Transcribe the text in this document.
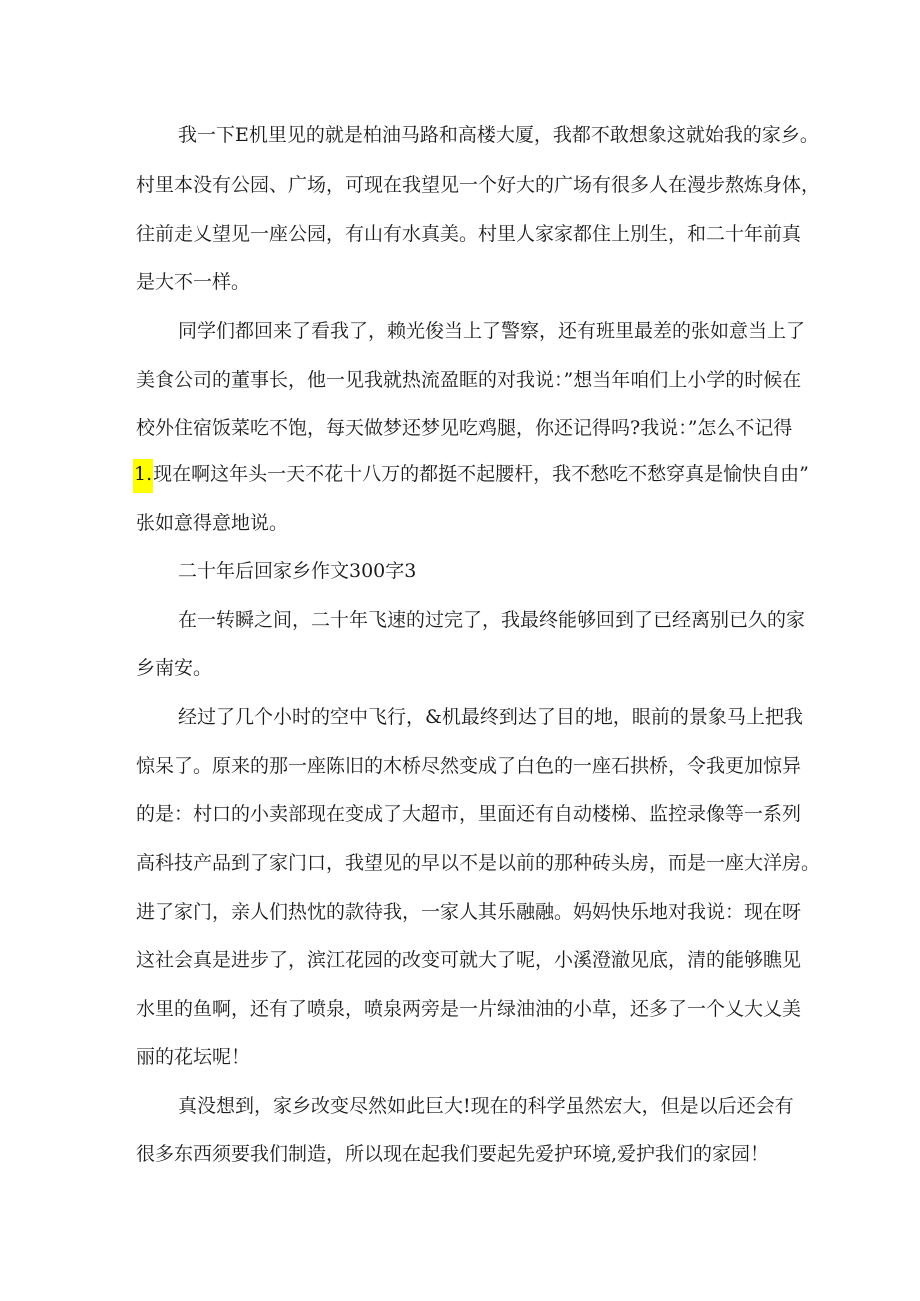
我一下E机里见的就是柏油马路和高楼大厦，我都不敢想象这就始我的家乡。

村里本没有公园、广场，可现在我望见一个好大的广场有很多人在漫步熬炼身体，

往前走乂望见一座公园，有山有水真美。村里人家家都住上別生，和二十年前真

是大不一样。

同学们都回来了看我了，赖光俊当上了警察，还有班里最差的张如意当上了

美食公司的董事长，他一见我就热流盈眶的对我说：”想当年咱们上小学的时候在

校外住宿饭菜吃不饱，每天做梦还梦见吃鸡腿，你还记得吗?我说：”怎么不记得

1.现在啊这年头一天不花十八万的都挺不起腰杆，我不愁吃不愁穿真是愉快自由”

张如意得意地说。

二十年后回家乡作文300字3

在一转瞬之间，二十年飞速的过完了，我最终能够回到了已经离别已久的家

乡南安。

经过了几个小时的空中飞行，&机最终到达了目的地，眼前的景象马上把我

惊呆了。原来的那一座陈旧的木桥尽然变成了白色的一座石拱桥，令我更加惊异

的是：村口的小卖部现在变成了大超市，里面还有自动楼梯、监控录像等一系列

高科技产品到了家门口，我望见的早以不是以前的那种砖头房，而是一座大洋房。

进了家门，亲人们热忱的款待我，一家人其乐融融。妈妈快乐地对我说：现在呀

这社会真是进步了，滨江花园的改变可就大了呢，小溪澄澈见底，清的能够瞧见

水里的鱼啊，还有了喷泉，喷泉两旁是一片绿油油的小草，还多了一个乂大乂美

丽的花坛呢！

真没想到，家乡改变尽然如此巨大!现在的科学虽然宏大，但是以后还会有

很多东西须要我们制造，所以现在起我们要起先爱护环境,爱护我们的家园！
